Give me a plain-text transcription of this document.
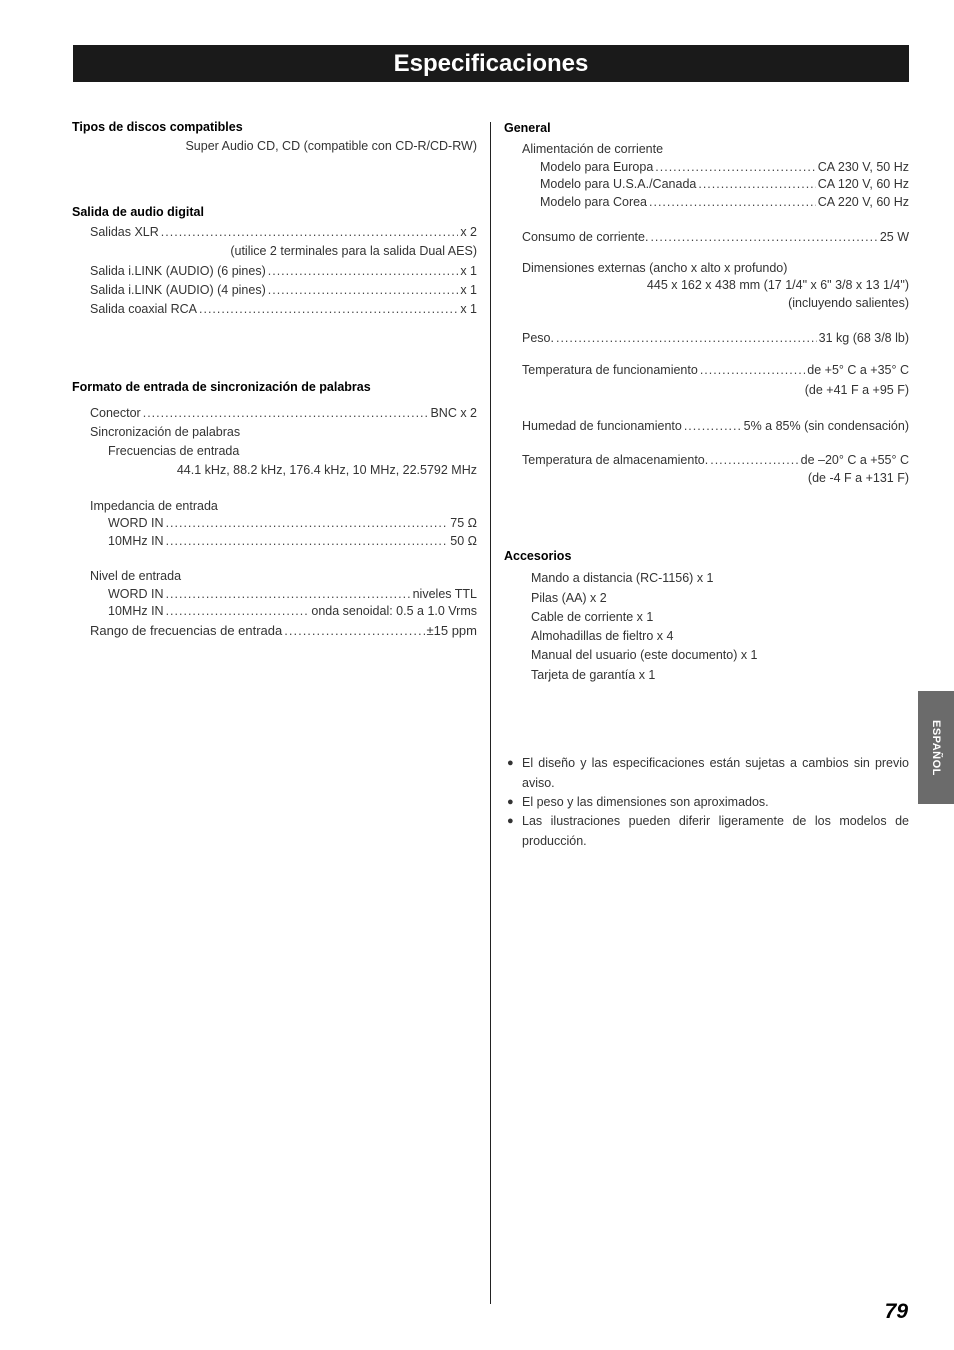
Especificaciones
Tipos de discos compatibles
Super Audio CD, CD (compatible con CD-R/CD-RW)
Salida de audio digital
Salidas XLR .....	x 2
(utilice 2 terminales para la salida Dual AES)
Salida i.LINK (AUDIO) (6 pines) .....	x 1
Salida i.LINK (AUDIO) (4 pines) .....	x 1
Salida coaxial RCA .....	x 1
Formato de entrada de sincronización de palabras
Conector .....	BNC x 2
Sincronización de palabras
Frecuencias de entrada
44.1 kHz, 88.2 kHz, 176.4 kHz, 10 MHz, 22.5792 MHz
Impedancia de entrada
WORD IN .....	75 Ω
10MHz IN .....	50 Ω
Nivel de entrada
WORD IN .....	niveles TTL
10MHz IN .....	onda senoidal: 0.5 a 1.0 Vrms
Rango de frecuencias de entrada .....	±15 ppm
General
Alimentación de corriente
Modelo para Europa .....	CA 230 V, 50 Hz
Modelo para U.S.A./Canada .....	CA 120 V, 60 Hz
Modelo para Corea .....	CA 220 V, 60 Hz
Consumo de corriente. .....	25 W
Dimensiones externas (ancho x alto x profundo)
445 x 162 x 438 mm (17 1/4" x 6" 3/8 x 13 1/4")
(incluyendo salientes)
Peso. .....	31 kg (68 3/8 lb)
Temperatura de funcionamiento .....	de +5° C a +35° C
(de +41 F a +95 F)
Humedad de funcionamiento .....	5% a 85% (sin condensación)
Temperatura de almacenamiento. .....	de –20° C a +55° C
(de -4 F a +131 F)
Accesorios
Mando a distancia (RC-1156) x 1
Pilas (AA) x 2
Cable de corriente x 1
Almohadillas de fieltro x 4
Manual del usuario (este documento) x 1
Tarjeta de garantía x 1
● El diseño y las especificaciones están sujetas a cambios sin previo aviso.
● El peso y las dimensiones son aproximados.
● Las ilustraciones pueden diferir ligeramente de los modelos de producción.
ESPAÑOL
79
